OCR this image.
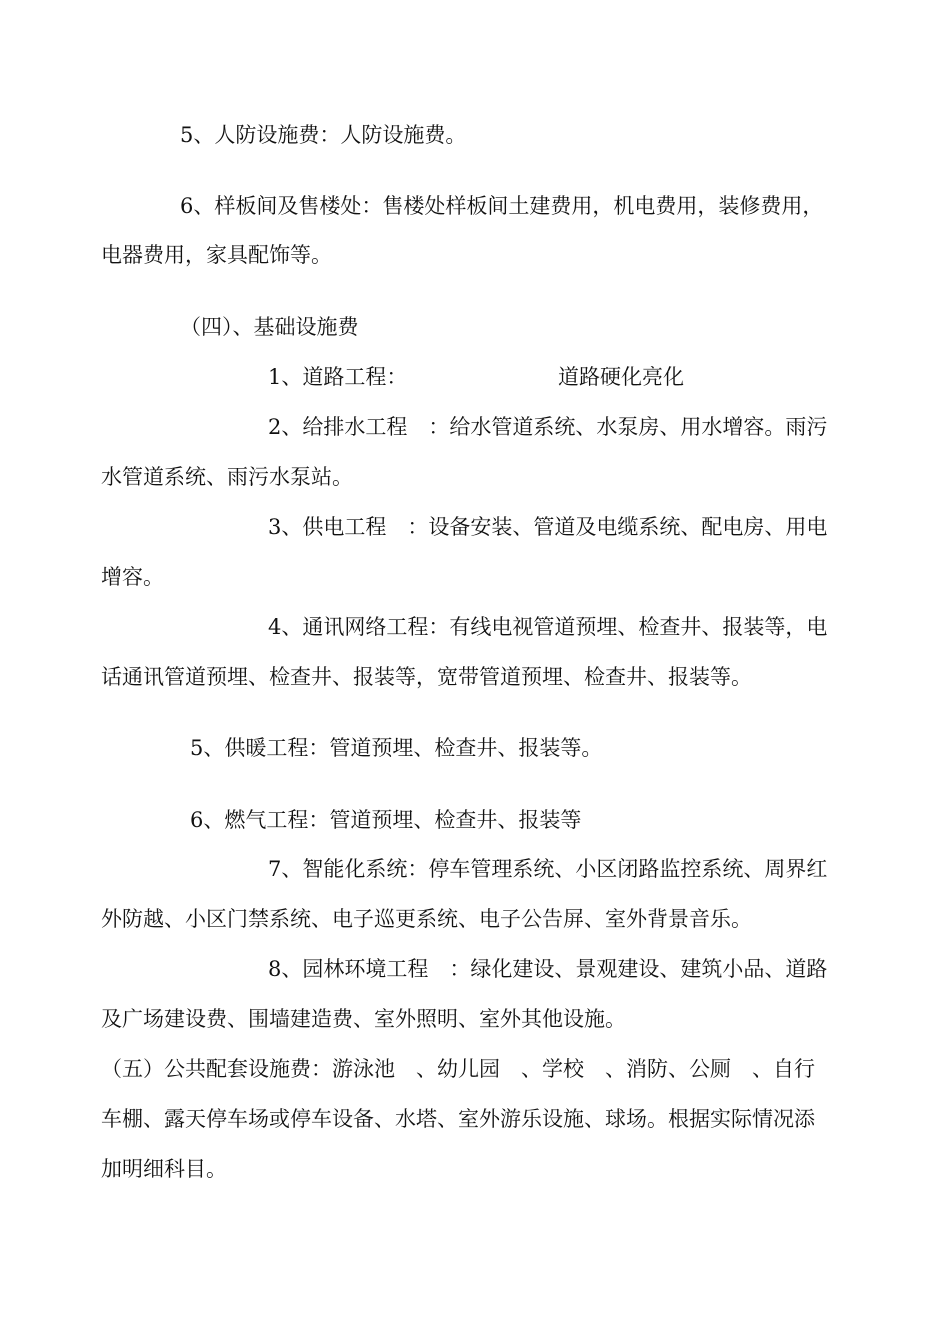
5、人防设施费：人防设施费。
6、样板间及售楼处：售楼处样板间土建费用，机电费用，装修费用，
电器费用，家具配饰等。
（四）、基础设施费
1、道路工程：	道路硬化亮化
2、给排水工程　：给水管道系统、水泵房、用水增容。雨污
水管道系统、雨污水泵站。
3、供电工程　：设备安装、管道及电缆系统、配电房、用电
增容。
4、通讯网络工程：有线电视管道预埋、检查井、报装等，电
话通讯管道预埋、检查井、报装等，宽带管道预埋、检查井、报装等。
5、供暖工程：管道预埋、检查井、报装等。
6、燃气工程：管道预埋、检查井、报装等
7、智能化系统：停车管理系统、小区闭路监控系统、周界红
外防越、小区门禁系统、电子巡更系统、电子公告屏、室外背景音乐。
8、园林环境工程　：绿化建设、景观建设、建筑小品、道路
及广场建设费、围墙建造费、室外照明、室外其他设施。
（五）公共配套设施费：游泳池　、幼儿园　、学校　、消防、公厕　、自行
车棚、露天停车场或停车设备、水塔、室外游乐设施、球场。根据实际情况添
加明细科目。
